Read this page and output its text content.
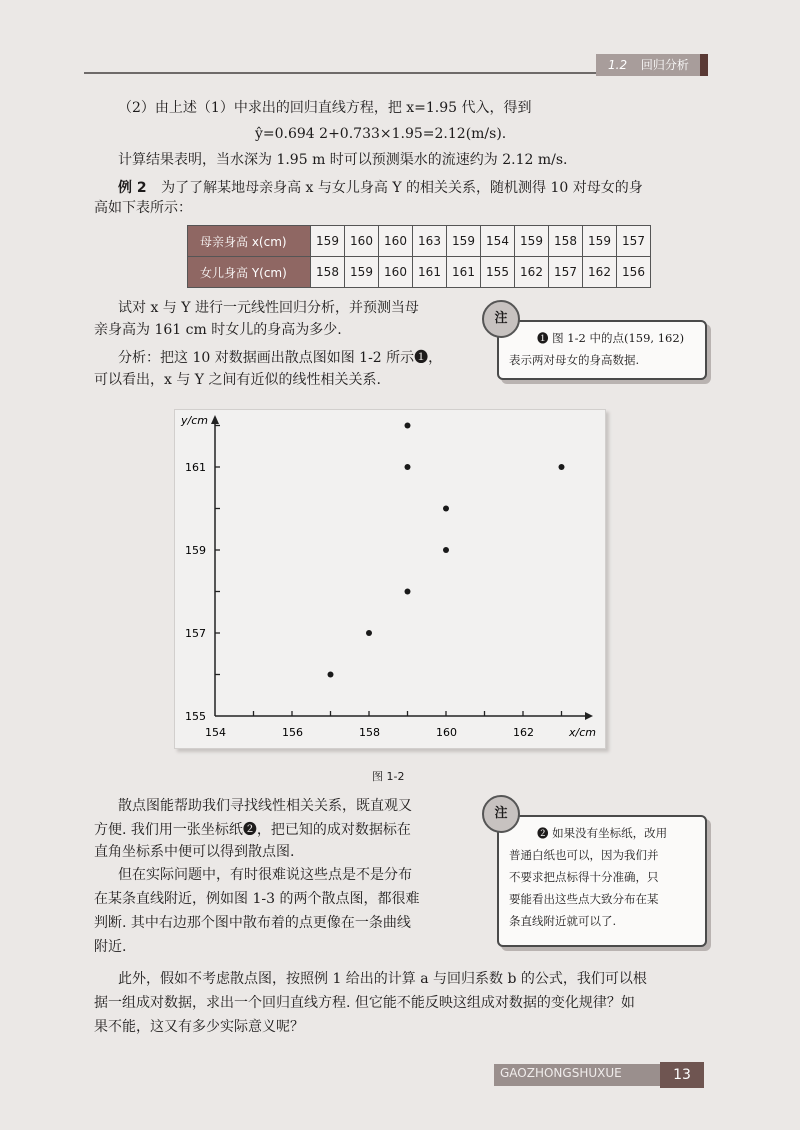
1.2 回归分析
（2）由上述（1）中求出的回归直线方程，把 x=1.95 代入，得到
ŷ=0.694 2+0.733×1.95=2.12(m/s).
计算结果表明，当水深为 1.95 m 时可以预测渠水的流速约为 2.12 m/s.
例 2 为了了解某地母亲身高 x 与女儿身高 Y 的相关关系，随机测得 10 对母女的身
高如下表所示：
母亲身高 x(cm)	159	160	160	163	159	154	159	158	159	157
女儿身高 Y(cm)	158	159	160	161	161	155	162	157	162	156
试对 x 与 Y 进行一元线性回归分析，并预测当母
亲身高为 161 cm 时女儿的身高为多少.
分析：把这 10 对数据画出散点图如图 1-2 所示❶，
可以看出，x 与 Y 之间有近似的线性相关关系.
❶ 图 1-2 中的点(159, 162)
表示两对母女的身高数据.
注
y/cm
x/cm
154	156	158	160	162
155
157
159
161
图 1-2
散点图能帮助我们寻找线性相关关系，既直观又
方便. 我们用一张坐标纸❷，把已知的成对数据标在
直角坐标系中便可以得到散点图.
但在实际问题中，有时很难说这些点是不是分布
在某条直线附近，例如图 1-3 的两个散点图，都很难
判断. 其中右边那个图中散布着的点更像在一条曲线
附近.
❷ 如果没有坐标纸，改用
普通白纸也可以，因为我们并
不要求把点标得十分准确，只
要能看出这些点大致分布在某
条直线附近就可以了.
注
此外，假如不考虑散点图，按照例 1 给出的计算 a 与回归系数 b 的公式，我们可以根
据一组成对数据，求出一个回归直线方程. 但它能不能反映这组成对数据的变化规律？如
果不能，这又有多少实际意义呢？
GAOZHONGSHUXUE	13
